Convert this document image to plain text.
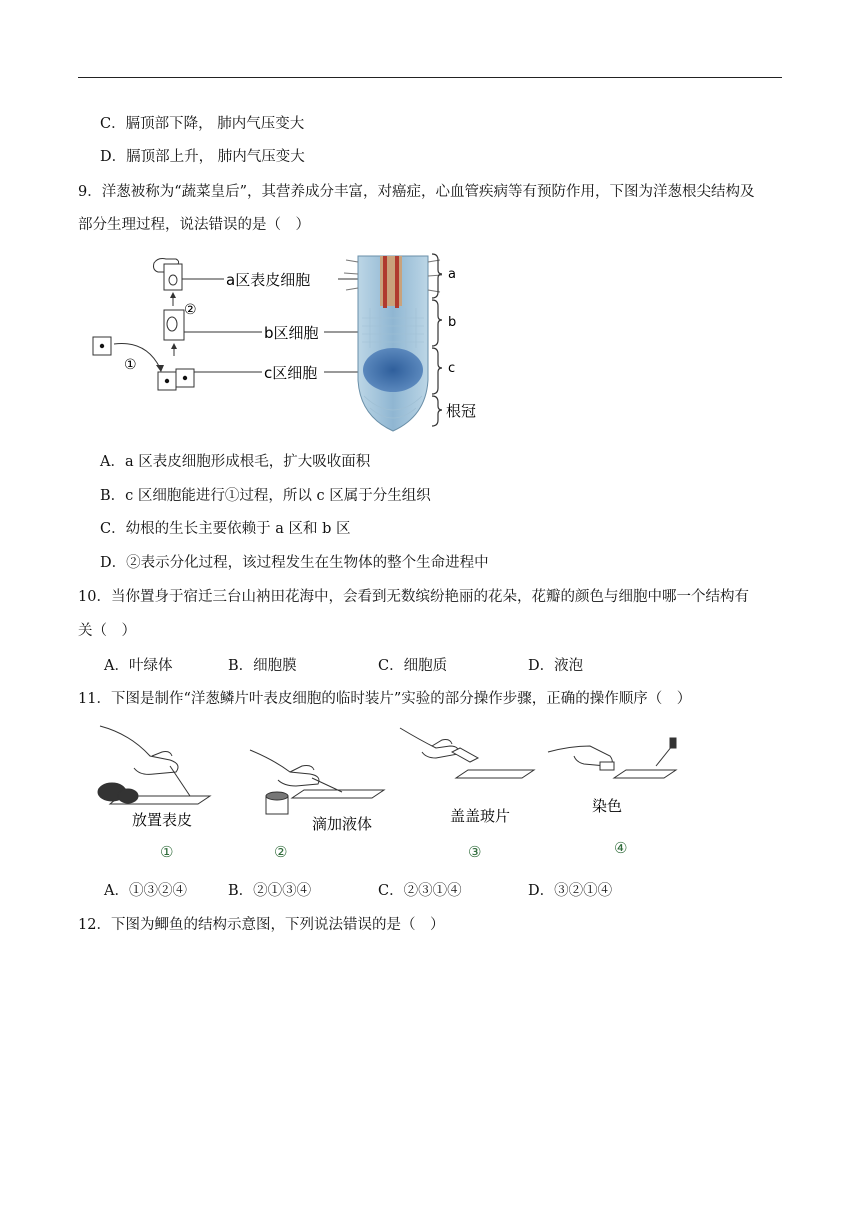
C．膈顶部下降， 肺内气压变大
D．膈顶部上升， 肺内气压变大
9．洋葱被称为“蔬菜皇后”，其营养成分丰富，对癌症，心血管疾病等有预防作用，下图为洋葱根尖结构及
部分生理过程，说法错误的是（　）
②
①
a区表皮细胞
b区细胞
c区细胞
a
b
c
根冠
A．a 区表皮细胞形成根毛，扩大吸收面积
B．c 区细胞能进行①过程，所以 c 区属于分生组织
C．幼根的生长主要依赖于 a 区和 b 区
D．②表示分化过程，该过程发生在生物体的整个生命进程中
10．当你置身于宿迁三台山衲田花海中，会看到无数缤纷艳丽的花朵，花瓣的颜色与细胞中哪一个结构有
关（　）
A．叶绿体	B．细胞膜	C．细胞质	D．液泡
11．下图是制作“洋葱鳞片叶表皮细胞的临时装片”实验的部分操作步骤，正确的操作顺序（　）
放置表皮
①
滴加液体
②
盖盖玻片
③
染色
④
A．①③②④	B．②①③④	C．②③①④	D．③②①④
12．下图为鲫鱼的结构示意图，下列说法错误的是（　）
